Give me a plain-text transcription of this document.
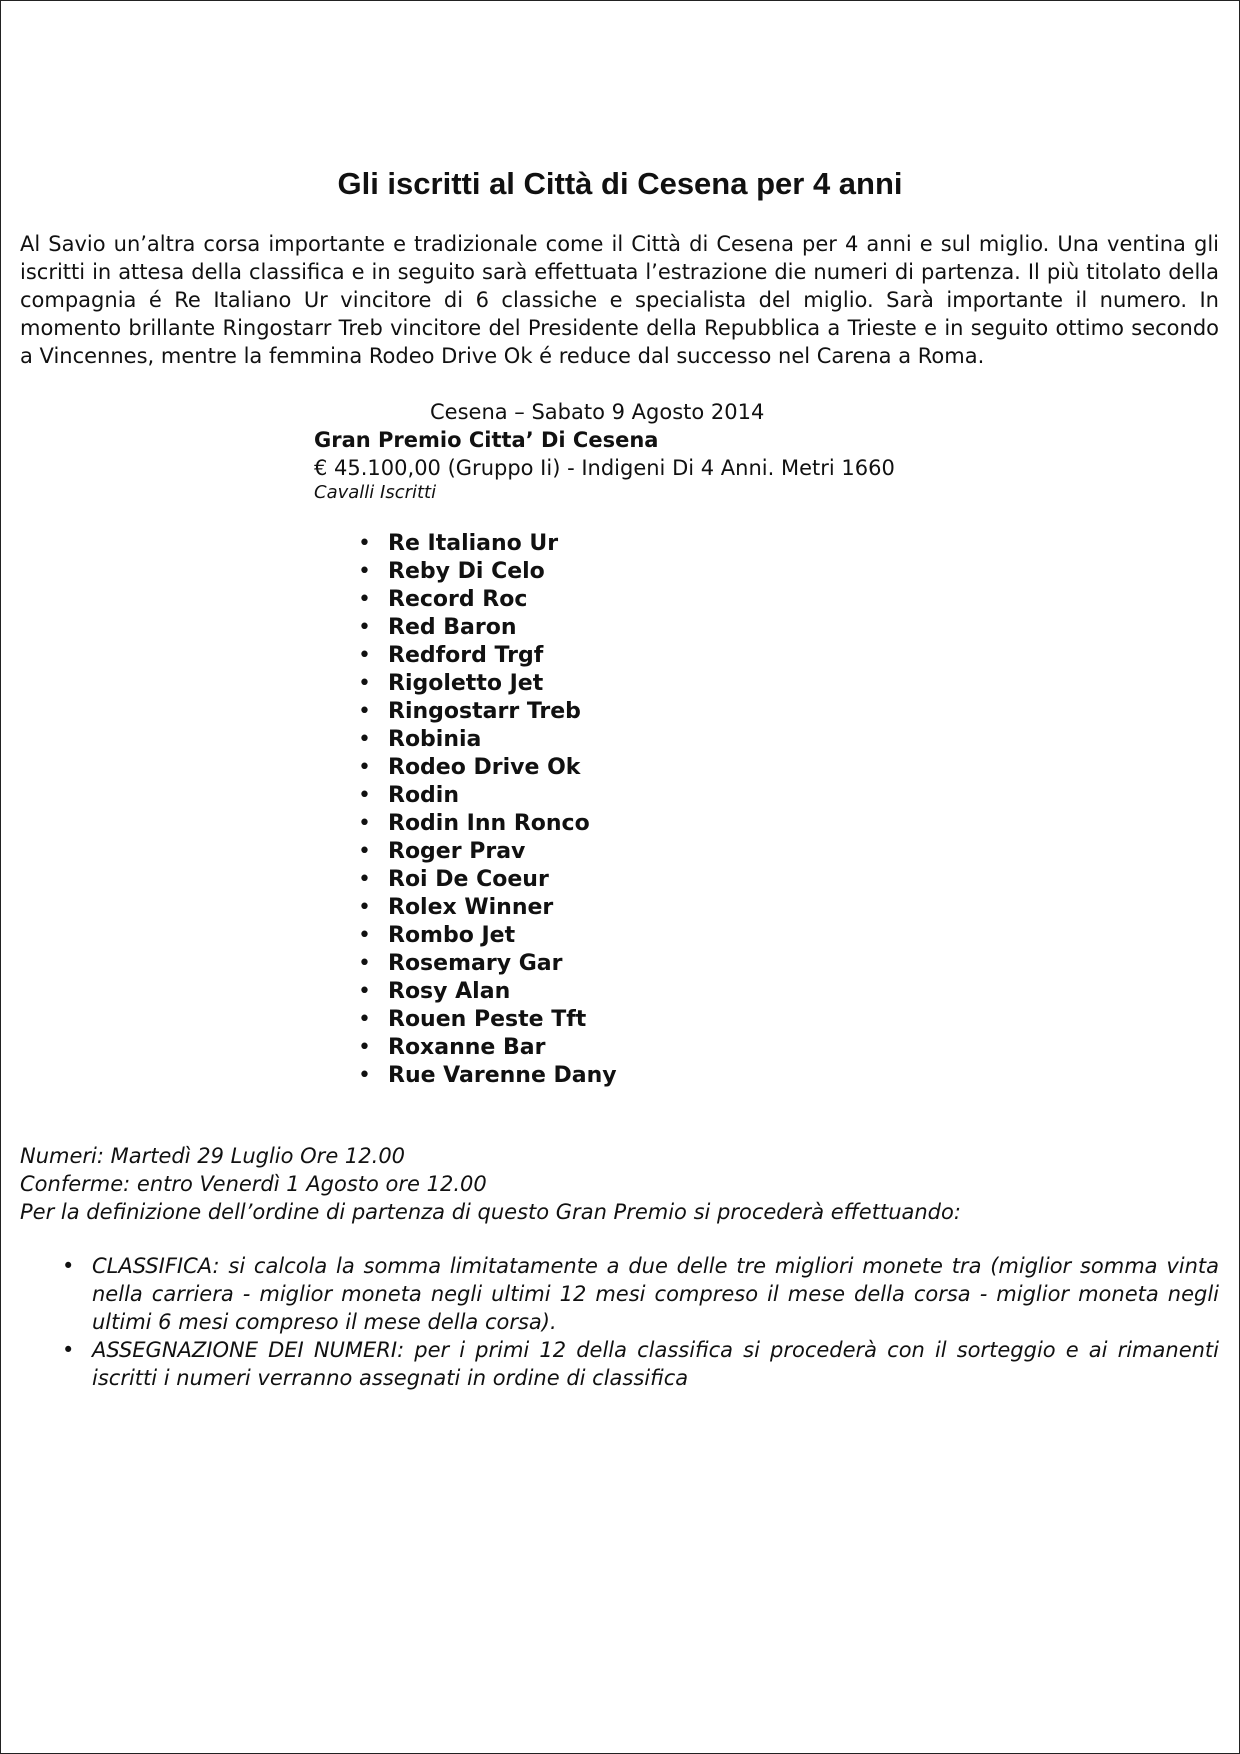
Gli iscritti al Città di Cesena per 4 anni

Al Savio un’altra corsa importante e tradizionale come il Città di Cesena per 4 anni e sul miglio. Una ventina gli iscritti in attesa della classifica e in seguito sarà effettuata l’estrazione die numeri di partenza. Il più titolato della compagnia é Re Italiano Ur vincitore di 6 classiche e specialista del miglio. Sarà importante il numero. In momento brillante Ringostarr Treb vincitore del Presidente della Repubblica a Trieste e in seguito ottimo secondo a Vincennes, mentre la femmina Rodeo Drive Ok é reduce dal successo nel Carena a Roma.

Cesena – Sabato 9 Agosto 2014
Gran Premio Citta’ Di Cesena
€ 45.100,00 (Gruppo Ii) - Indigeni Di 4 Anni. Metri 1660
Cavalli Iscritti
• Re Italiano Ur
• Reby Di Celo
• Record Roc
• Red Baron
• Redford Trgf
• Rigoletto Jet
• Ringostarr Treb
• Robinia
• Rodeo Drive Ok
• Rodin
• Rodin Inn Ronco
• Roger Prav
• Roi De Coeur
• Rolex Winner
• Rombo Jet
• Rosemary Gar
• Rosy Alan
• Rouen Peste Tft
• Roxanne Bar
• Rue Varenne Dany
Numeri: Martedì 29 Luglio Ore 12.00
Conferme: entro Venerdì 1 Agosto ore 12.00
Per la definizione dell’ordine di partenza di questo Gran Premio si procederà effettuando:
• CLASSIFICA: si calcola la somma limitatamente a due delle tre migliori monete tra (miglior somma vinta nella carriera - miglior moneta negli ultimi 12 mesi compreso il mese della corsa - miglior moneta negli ultimi 6 mesi compreso il mese della corsa).
• ASSEGNAZIONE DEI NUMERI: per i primi 12 della classifica si procederà con il sorteggio e ai rimanenti iscritti i numeri verranno assegnati in ordine di classifica
